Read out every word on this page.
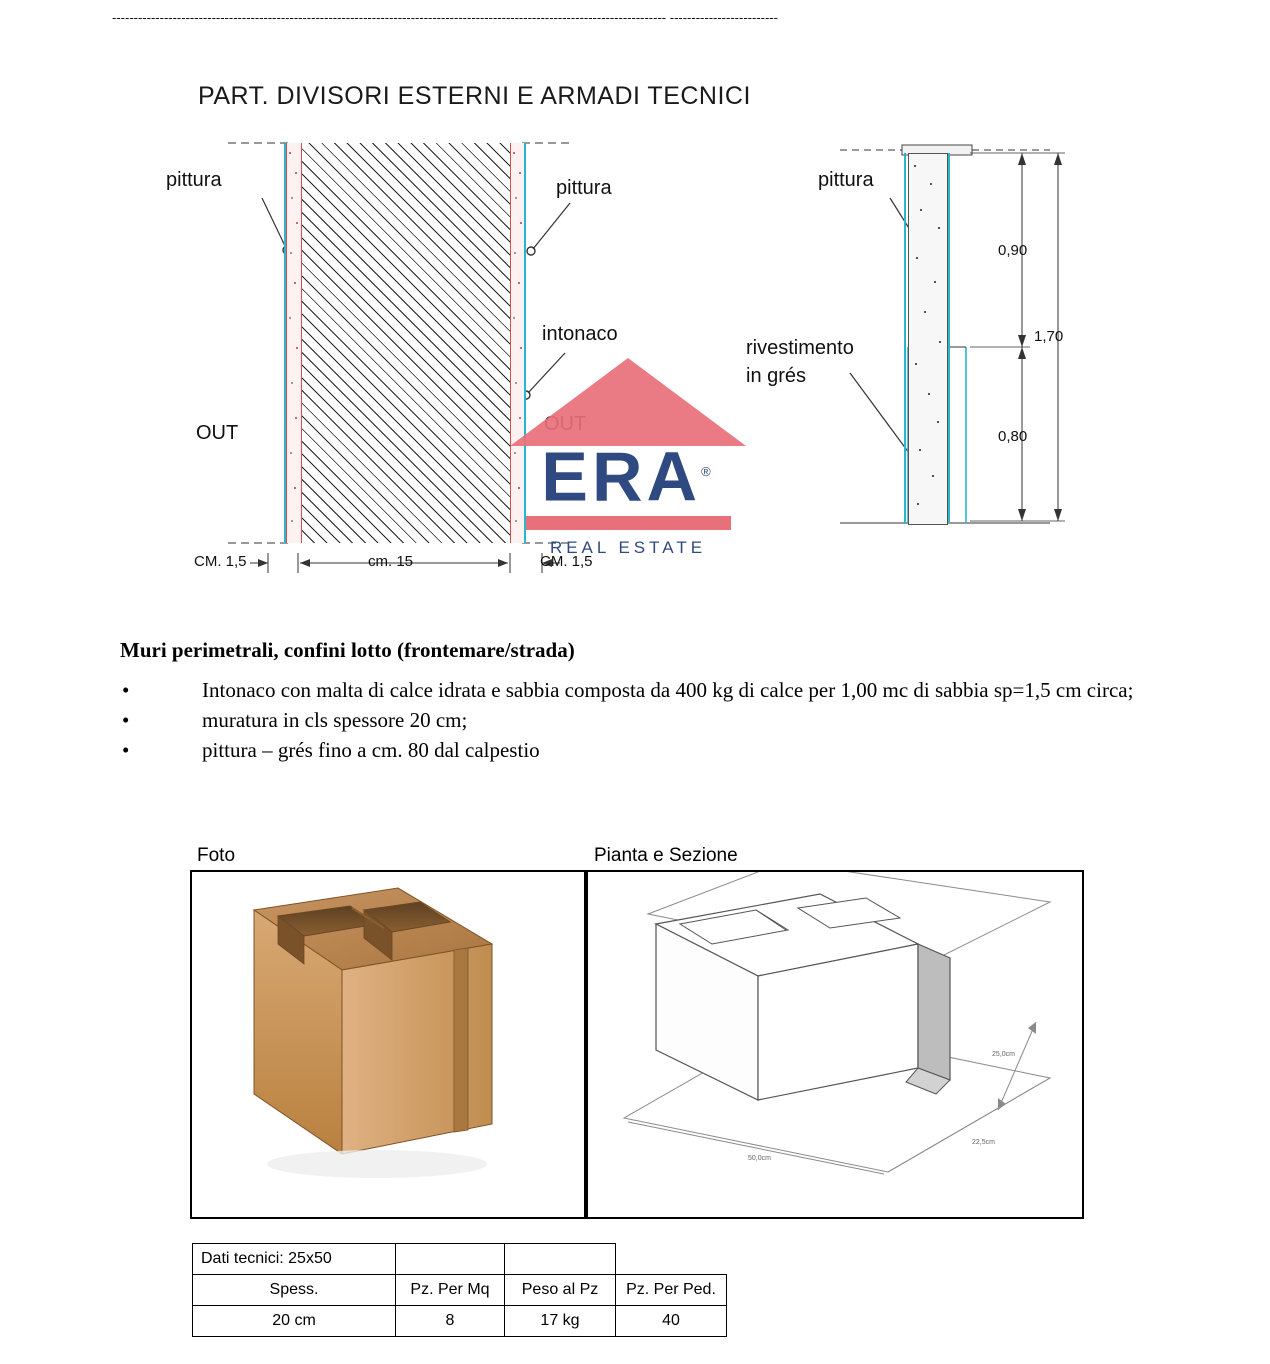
-------------------------------------------------------------------------------------------------------------------------------- -------------------------
PART. DIVISORI ESTERNI E ARMADI TECNICI
pittura	pittura
intonaco
pittura
rivestimento
in grés
OUT	OUT
CM. 1,5	cm. 15	CM. 1,5
0,90
1,70
0,80
ERA®
REAL ESTATE
Muri perimetrali, confini lotto (frontemare/strada)
•	Intonaco con malta di calce idrata e sabbia composta da 400 kg di calce per 1,00 mc di sabbia sp=1,5 cm circa;
•	muratura in cls spessore 20 cm;
•	pittura – grés fino a cm. 80 dal calpestio
Foto	Pianta e Sezione
25,0cm
50,0cm
22,5cm
Dati tecnici: 25x50			
Spess.	Pz. Per Mq	Peso al Pz	Pz. Per Ped.
20 cm	8	17 kg	40
